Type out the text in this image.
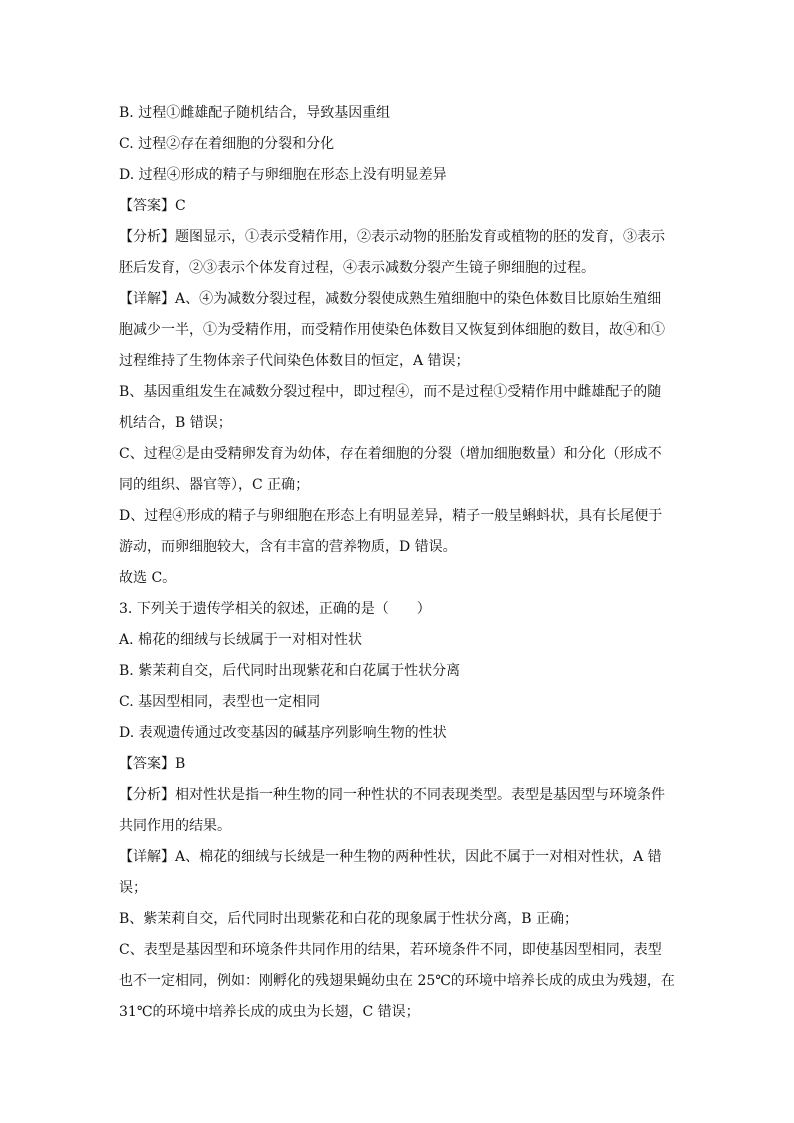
B. 过程①雌雄配子随机结合，导致基因重组
C. 过程②存在着细胞的分裂和分化
D. 过程④形成的精子与卵细胞在形态上没有明显差异
【答案】C
【分析】题图显示，①表示受精作用，②表示动物的胚胎发育或植物的胚的发育，③表示
胚后发育，②③表示个体发育过程，④表示减数分裂产生镜子卵细胞的过程。
【详解】A、④为减数分裂过程，减数分裂使成熟生殖细胞中的染色体数目比原始生殖细
胞减少一半，①为受精作用，而受精作用使染色体数目又恢复到体细胞的数目，故④和①
过程维持了生物体亲子代间染色体数目的恒定，A 错误；
B、基因重组发生在减数分裂过程中，即过程④，而不是过程①受精作用中雌雄配子的随
机结合，B 错误；
C、过程②是由受精卵发育为幼体，存在着细胞的分裂（增加细胞数量）和分化（形成不
同的组织、器官等），C 正确；
D、过程④形成的精子与卵细胞在形态上有明显差异，精子一般呈蝌蚪状，具有长尾便于
游动，而卵细胞较大，含有丰富的营养物质，D 错误。
故选 C。
3. 下列关于遗传学相关的叙述，正确的是（　　）
A. 棉花的细绒与长绒属于一对相对性状
B. 紫茉莉自交，后代同时出现紫花和白花属于性状分离
C. 基因型相同，表型也一定相同
D. 表观遗传通过改变基因的碱基序列影响生物的性状
【答案】B
【分析】相对性状是指一种生物的同一种性状的不同表现类型。表型是基因型与环境条件
共同作用的结果。
【详解】A、棉花的细绒与长绒是一种生物的两种性状，因此不属于一对相对性状，A 错
误；
B、紫茉莉自交，后代同时出现紫花和白花的现象属于性状分离，B 正确；
C、表型是基因型和环境条件共同作用的结果，若环境条件不同，即使基因型相同，表型
也不一定相同，例如：刚孵化的残翅果蝇幼虫在 25℃的环境中培养长成的成虫为残翅，在
31℃的环境中培养长成的成虫为长翅，C 错误；
